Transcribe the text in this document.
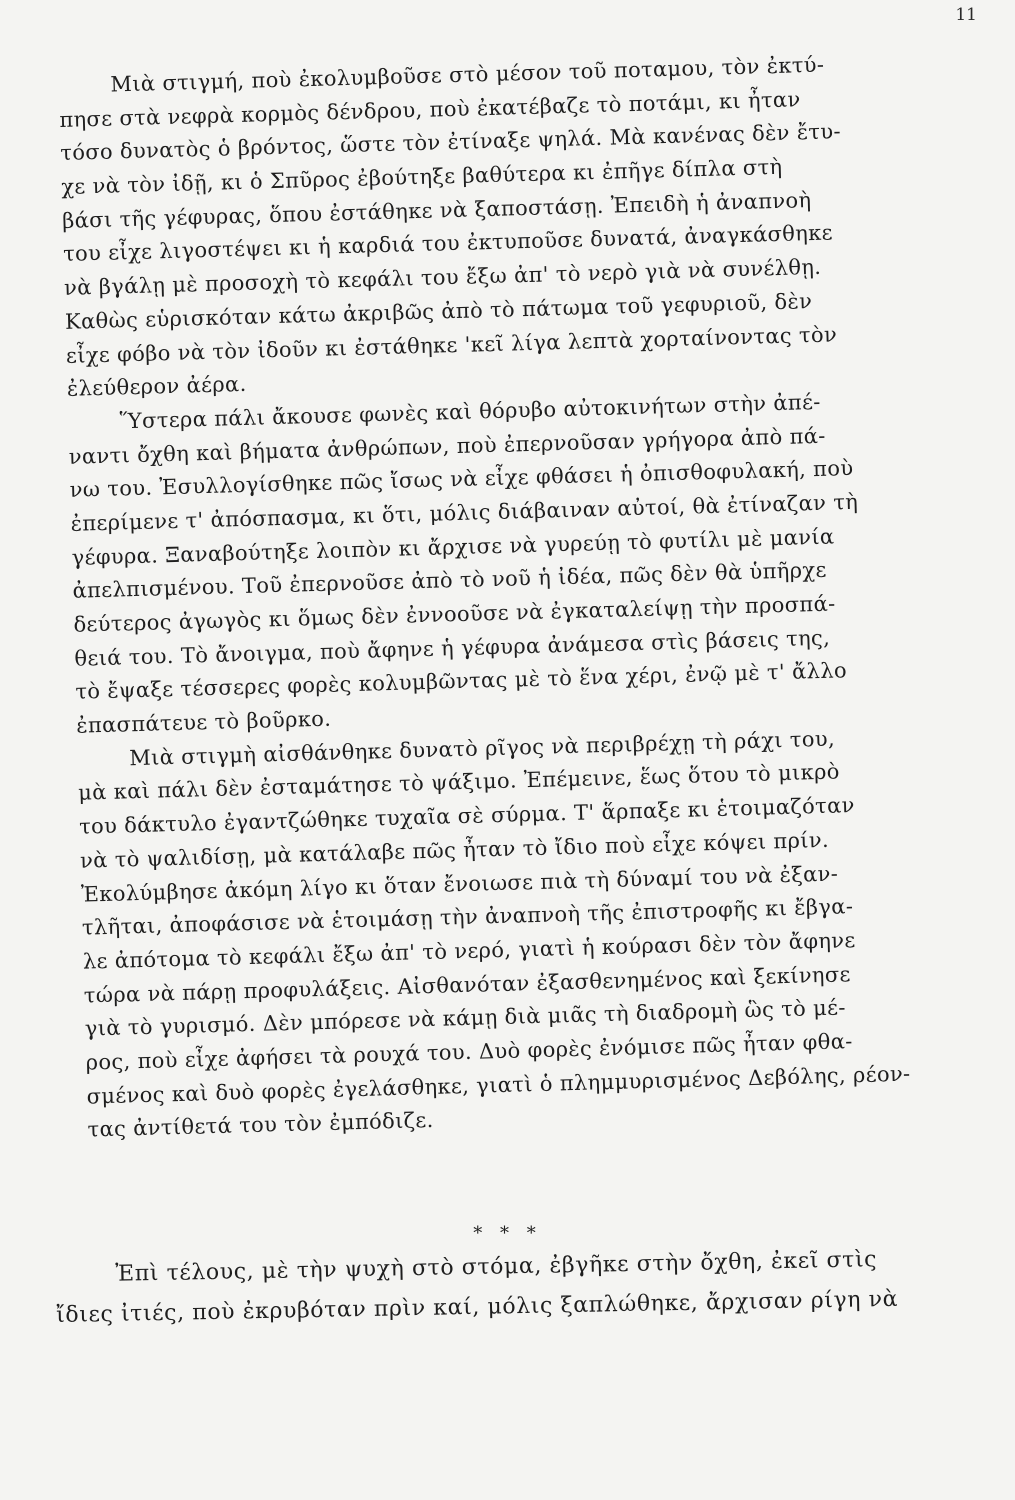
11

Μιὰ στιγμή, ποὺ ἐκολυμβοῦσε στὸ μέσον τοῦ ποταμου, τὸν ἐκτύ-
πησε στὰ νεφρὰ κορμὸς δένδρου, ποὺ ἐκατέβαζε τὸ ποτάμι, κι ἦταν
τόσο δυνατὸς ὁ βρόντος, ὥστε τὸν ἐτίναξε ψηλά. Μὰ κανένας δὲν ἔτυ-
χε νὰ τὸν ἰδῇ, κι ὁ Σπῦρος ἐβούτηξε βαθύτερα κι ἐπῆγε δίπλα στὴ
βάσι τῆς γέφυρας, ὅπου ἐστάθηκε νὰ ξαποστάσῃ. Ἐπειδὴ ἡ ἀναπνοὴ
του εἶχε λιγοστέψει κι ἡ καρδιά του ἐκτυποῦσε δυνατά, ἀναγκάσθηκε
νὰ βγάλῃ μὲ προσοχὴ τὸ κεφάλι του ἔξω ἀπ' τὸ νερὸ γιὰ νὰ συνέλθῃ.
Καθὼς εὑρισκόταν κάτω ἀκριβῶς ἀπὸ τὸ πάτωμα τοῦ γεφυριοῦ, δὲν
εἶχε φόβο νὰ τὸν ἰδοῦν κι ἐστάθηκε 'κεῖ λίγα λεπτὰ χορταίνοντας τὸν
ἐλεύθερον ἀέρα.

Ὕστερα πάλι ἄκουσε φωνὲς καὶ θόρυβο αὐτοκινήτων στὴν ἀπέ-
ναντι ὄχθη καὶ βήματα ἀνθρώπων, ποὺ ἐπερνοῦσαν γρήγορα ἀπὸ πά-
νω του. Ἐσυλλογίσθηκε πῶς ἴσως νὰ εἶχε φθάσει ἡ ὀπισθοφυλακή, ποὺ
ἐπερίμενε τ' ἀπόσπασμα, κι ὅτι, μόλις διάβαιναν αὐτοί, θὰ ἐτίναζαν τὴ
γέφυρα. Ξαναβούτηξε λοιπὸν κι ἄρχισε νὰ γυρεύῃ τὸ φυτίλι μὲ μανία
ἀπελπισμένου. Τοῦ ἐπερνοῦσε ἀπὸ τὸ νοῦ ἡ ἰδέα, πῶς δὲν θὰ ὑπῆρχε
δεύτερος ἀγωγὸς κι ὅμως δὲν ἐννοοῦσε νὰ ἐγκαταλείψῃ τὴν προσπά-
θειά του. Τὸ ἄνοιγμα, ποὺ ἄφηνε ἡ γέφυρα ἀνάμεσα στὶς βάσεις της,
τὸ ἔψαξε τέσσερες φορὲς κολυμβῶντας μὲ τὸ ἕνα χέρι, ἐνῷ μὲ τ' ἄλλο
ἐπασπάτευε τὸ βοῦρκο.

Μιὰ στιγμὴ αἰσθάνθηκε δυνατὸ ρῖγος νὰ περιβρέχῃ τὴ ράχι του,
μὰ καὶ πάλι δὲν ἐσταμάτησε τὸ ψάξιμο. Ἐπέμεινε, ἕως ὅτου τὸ μικρὸ
του δάκτυλο ἐγαντζώθηκε τυχαῖα σὲ σύρμα. Τ' ἅρπαξε κι ἑτοιμαζόταν
νὰ τὸ ψαλιδίσῃ, μὰ κατάλαβε πῶς ἦταν τὸ ἴδιο ποὺ εἶχε κόψει πρίν.
Ἐκολύμβησε ἀκόμη λίγο κι ὅταν ἔνοιωσε πιὰ τὴ δύναμί του νὰ ἐξαν-
τλῆται, ἀποφάσισε νὰ ἑτοιμάσῃ τὴν ἀναπνοὴ τῆς ἐπιστροφῆς κι ἔβγα-
λε ἀπότομα τὸ κεφάλι ἔξω ἀπ' τὸ νερό, γιατὶ ἡ κούρασι δὲν τὸν ἄφηνε
τώρα νὰ πάρῃ προφυλάξεις. Αἰσθανόταν ἐξασθενημένος καὶ ξεκίνησε
γιὰ τὸ γυρισμό. Δὲν μπόρεσε νὰ κάμῃ διὰ μιᾶς τὴ διαδρομὴ ὣς τὸ μέ-
ρος, ποὺ εἶχε ἀφήσει τὰ ρουχά του. Δυὸ φορὲς ἐνόμισε πῶς ἦταν φθα-
σμένος καὶ δυὸ φορὲς ἐγελάσθηκε, γιατὶ ὁ πλημμυρισμένος Δεβόλης, ρέον-
τας ἀντίθετά του τὸν ἐμπόδιζε.

* * *
Ἐπὶ τέλους, μὲ τὴν ψυχὴ στὸ στόμα, ἐβγῆκε στὴν ὄχθη, ἐκεῖ στὶς
ἴδιες ἰτιές, ποὺ ἐκρυβόταν πρὶν καί, μόλις ξαπλώθηκε, ἄρχισαν ρίγη νὰ
